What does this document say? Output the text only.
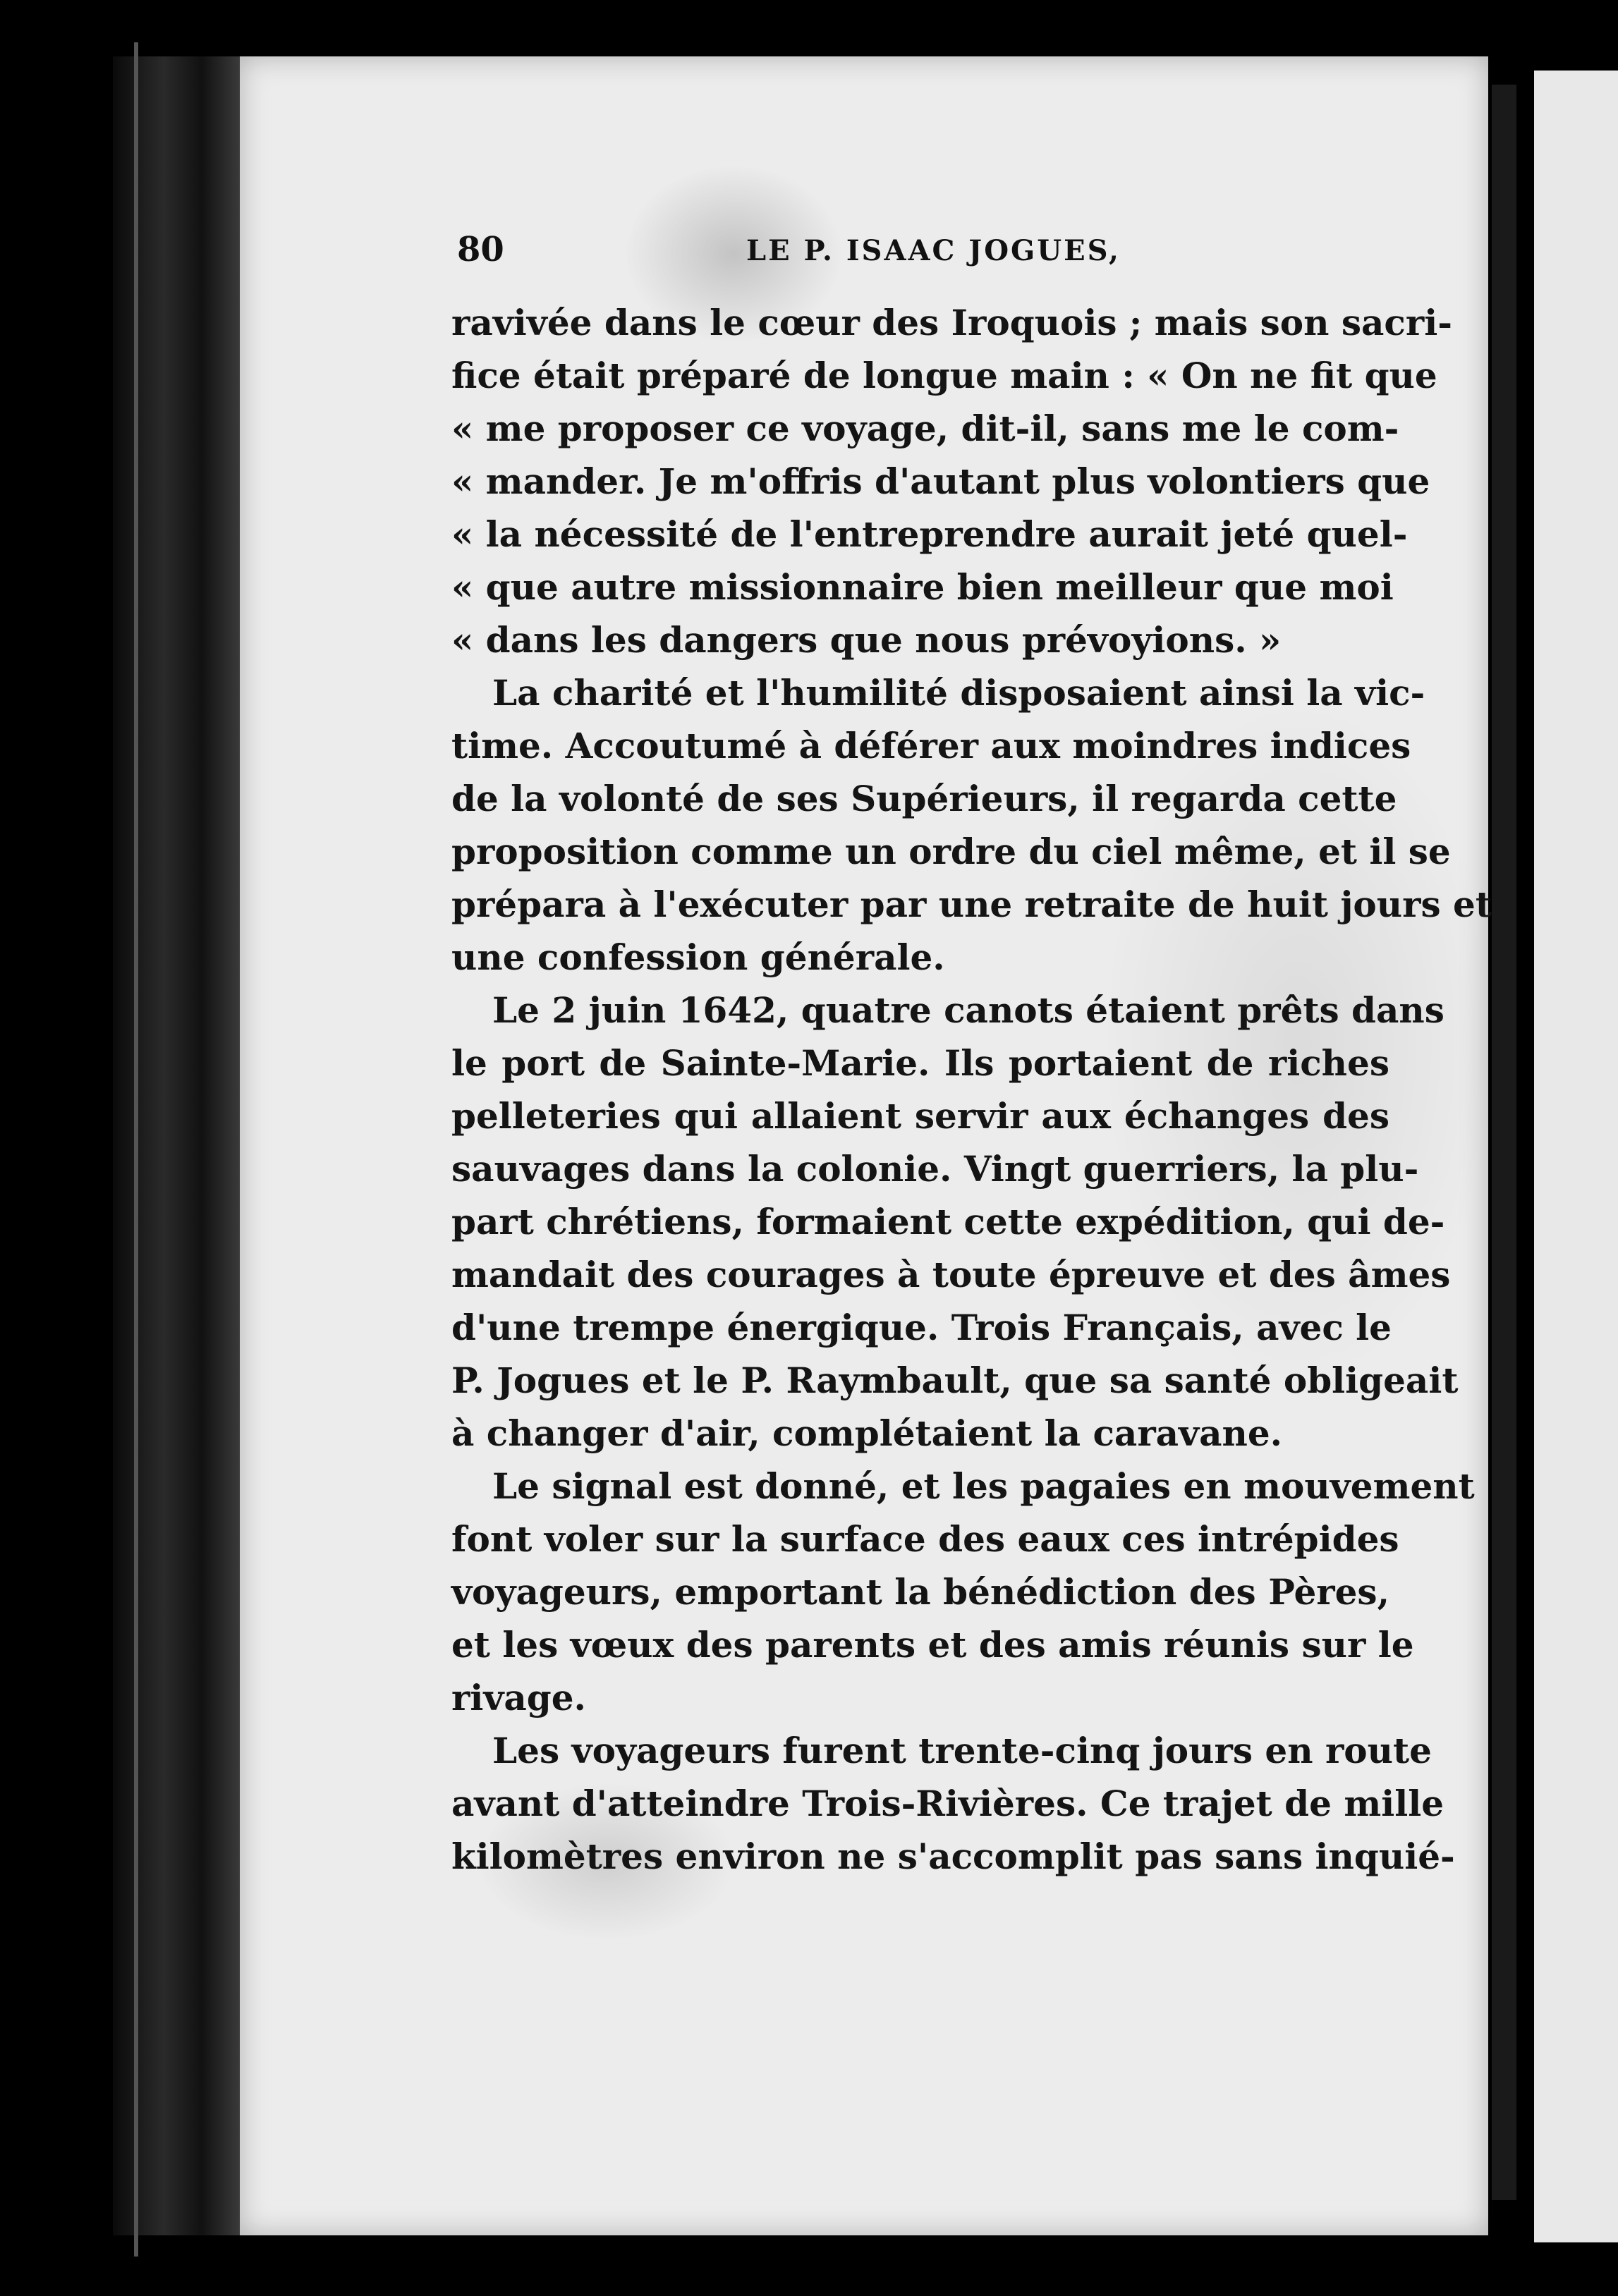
80	LE P. ISAAC JOGUES,
ravivée dans le cœur des Iroquois ; mais son sacri-
fice était préparé de longue main : « On ne fit que
« me proposer ce voyage, dit-il, sans me le com-
« mander. Je m'offris d'autant plus volontiers que
« la nécessité de l'entreprendre aurait jeté quel-
« que autre missionnaire bien meilleur que moi
« dans les dangers que nous prévoyions. »
La charité et l'humilité disposaient ainsi la vic-
time. Accoutumé à déférer aux moindres indices
de la volonté de ses Supérieurs, il regarda cette
proposition comme un ordre du ciel même, et il se
prépara à l'exécuter par une retraite de huit jours et
une confession générale.
Le 2 juin 1642, quatre canots étaient prêts dans
le port de Sainte-Marie. Ils portaient de riches
pelleteries qui allaient servir aux échanges des
sauvages dans la colonie. Vingt guerriers, la plu-
part chrétiens, formaient cette expédition, qui de-
mandait des courages à toute épreuve et des âmes
d'une trempe énergique. Trois Français, avec le
P. Jogues et le P. Raymbault, que sa santé obligeait
à changer d'air, complétaient la caravane.
Le signal est donné, et les pagaies en mouvement
font voler sur la surface des eaux ces intrépides
voyageurs, emportant la bénédiction des Pères,
et les vœux des parents et des amis réunis sur le
rivage.
Les voyageurs furent trente-cinq jours en route
avant d'atteindre Trois-Rivières. Ce trajet de mille
kilomètres environ ne s'accomplit pas sans inquié-
